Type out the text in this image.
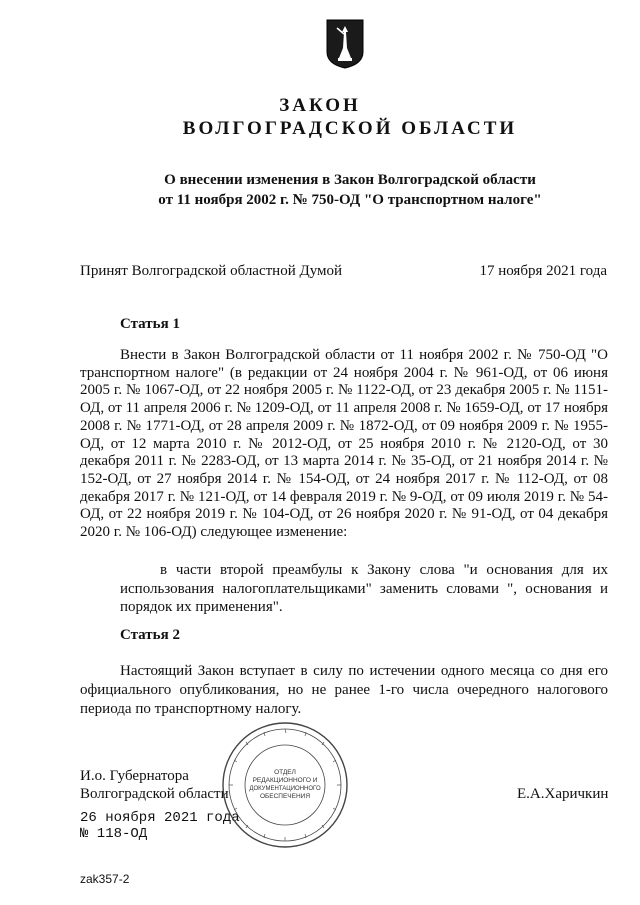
ЗАКОН
ВОЛГОГРАДСКОЙ ОБЛАСТИ
О внесении изменения в Закон Волгоградской области
от 11 ноября 2002 г. № 750-ОД "О транспортном налоге"
Принят Волгоградской областной Думой	17 ноября 2021 года
Статья 1
Внести в Закон Волгоградской области от 11 ноября 2002 г. № 750-ОД "О транспортном налоге" (в редакции от 24 ноября 2004 г. № 961-ОД, от 06 июня 2005 г. № 1067-ОД, от 22 ноября 2005 г. № 1122-ОД, от 23 декабря 2005 г. № 1151-ОД, от 11 апреля 2006 г. № 1209-ОД, от 11 апреля 2008 г. № 1659-ОД, от 17 ноября 2008 г. № 1771-ОД, от 28 апреля 2009 г. № 1872-ОД, от 09 ноября 2009 г. № 1955-ОД, от 12 марта 2010 г. № 2012-ОД, от 25 ноября 2010 г. № 2120-ОД, от 30 декабря 2011 г. № 2283-ОД, от 13 марта 2014 г. № 35-ОД, от 21 ноября 2014 г. № 152-ОД, от 27 ноября 2014 г. № 154-ОД, от 24 ноября 2017 г. № 112-ОД, от 08 декабря 2017 г. № 121-ОД, от 14 февраля 2019 г. № 9-ОД, от 09 июля 2019 г. № 54-ОД, от 22 ноября 2019 г. № 104-ОД, от 26 ноября 2020 г. № 91-ОД, от 04 декабря 2020 г. № 106-ОД) следующее изменение:
в части второй преамбулы к Закону слова "и основания для их использования налогоплательщиками" заменить словами ", основания и порядок их применения".
Статья 2
Настоящий Закон вступает в силу по истечении одного месяца со дня его официального опубликования, но не ранее 1-го числа очередного налогового периода по транспортному налогу.
И.о. Губернатора
Волгоградской области	Е.А.Харичкин
26 ноября 2021 года
№ 118-ОД
ОТДЕЛ
РЕДАКЦИОННОГО И
ДОКУМЕНТАЦИОННОГО
ОБЕСПЕЧЕНИЯ
zak357-2
